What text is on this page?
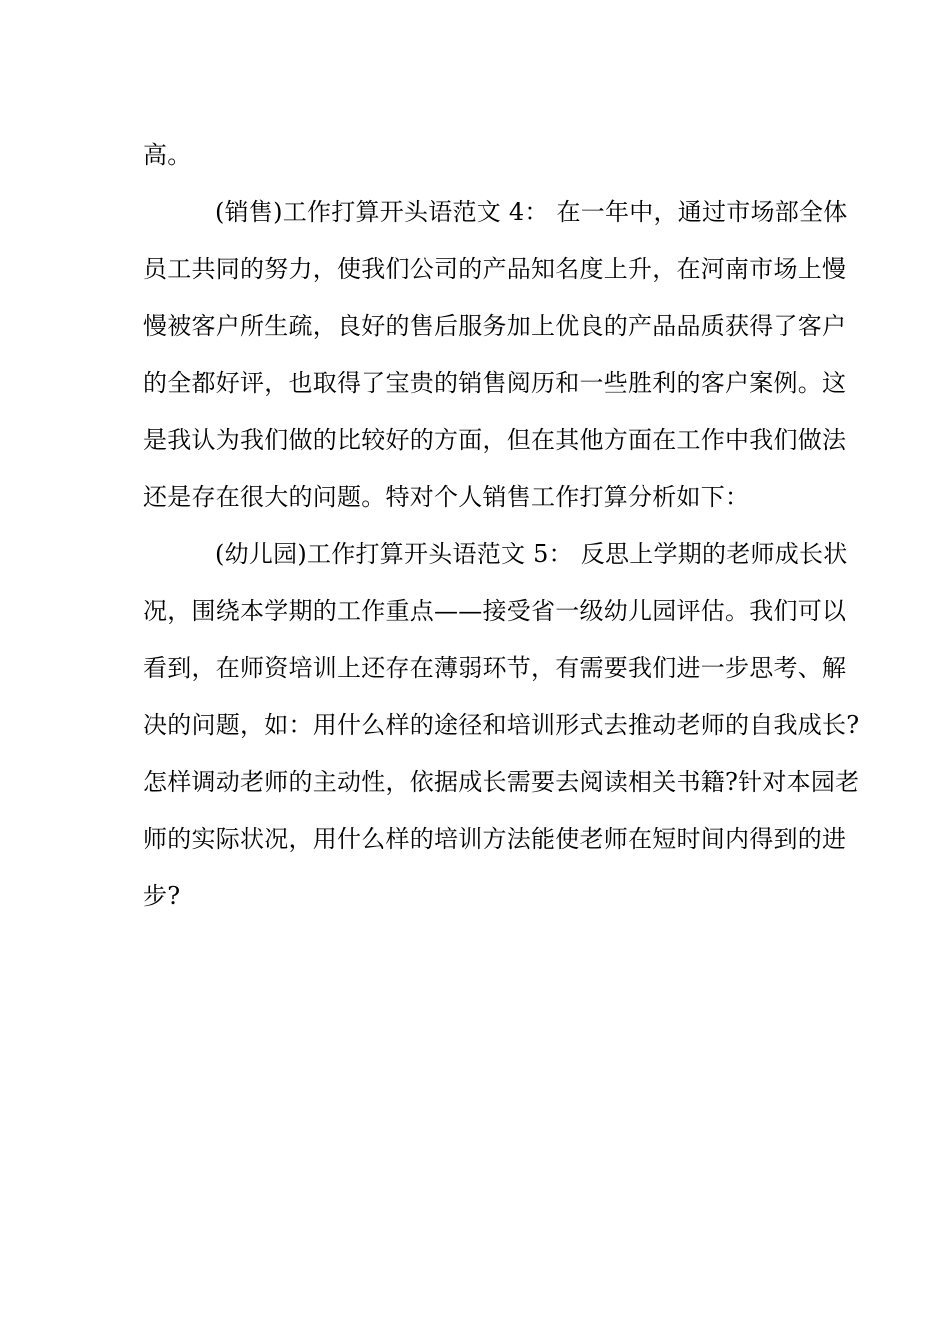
高。
(销售)工作打算开头语范文 4： 在一年中，通过市场部全体
员工共同的努力，使我们公司的产品知名度上升，在河南市场上慢
慢被客户所生疏，良好的售后服务加上优良的产品品质获得了客户
的全都好评，也取得了宝贵的销售阅历和一些胜利的客户案例。这
是我认为我们做的比较好的方面，但在其他方面在工作中我们做法
还是存在很大的问题。特对个人销售工作打算分析如下：
(幼儿园)工作打算开头语范文 5： 反思上学期的老师成长状
况，围绕本学期的工作重点——接受省一级幼儿园评估。我们可以
看到，在师资培训上还存在薄弱环节，有需要我们进一步思考、解
决的问题，如：用什么样的途径和培训形式去推动老师的自我成长?
怎样调动老师的主动性，依据成长需要去阅读相关书籍?针对本园老
师的实际状况，用什么样的培训方法能使老师在短时间内得到的进
步?
